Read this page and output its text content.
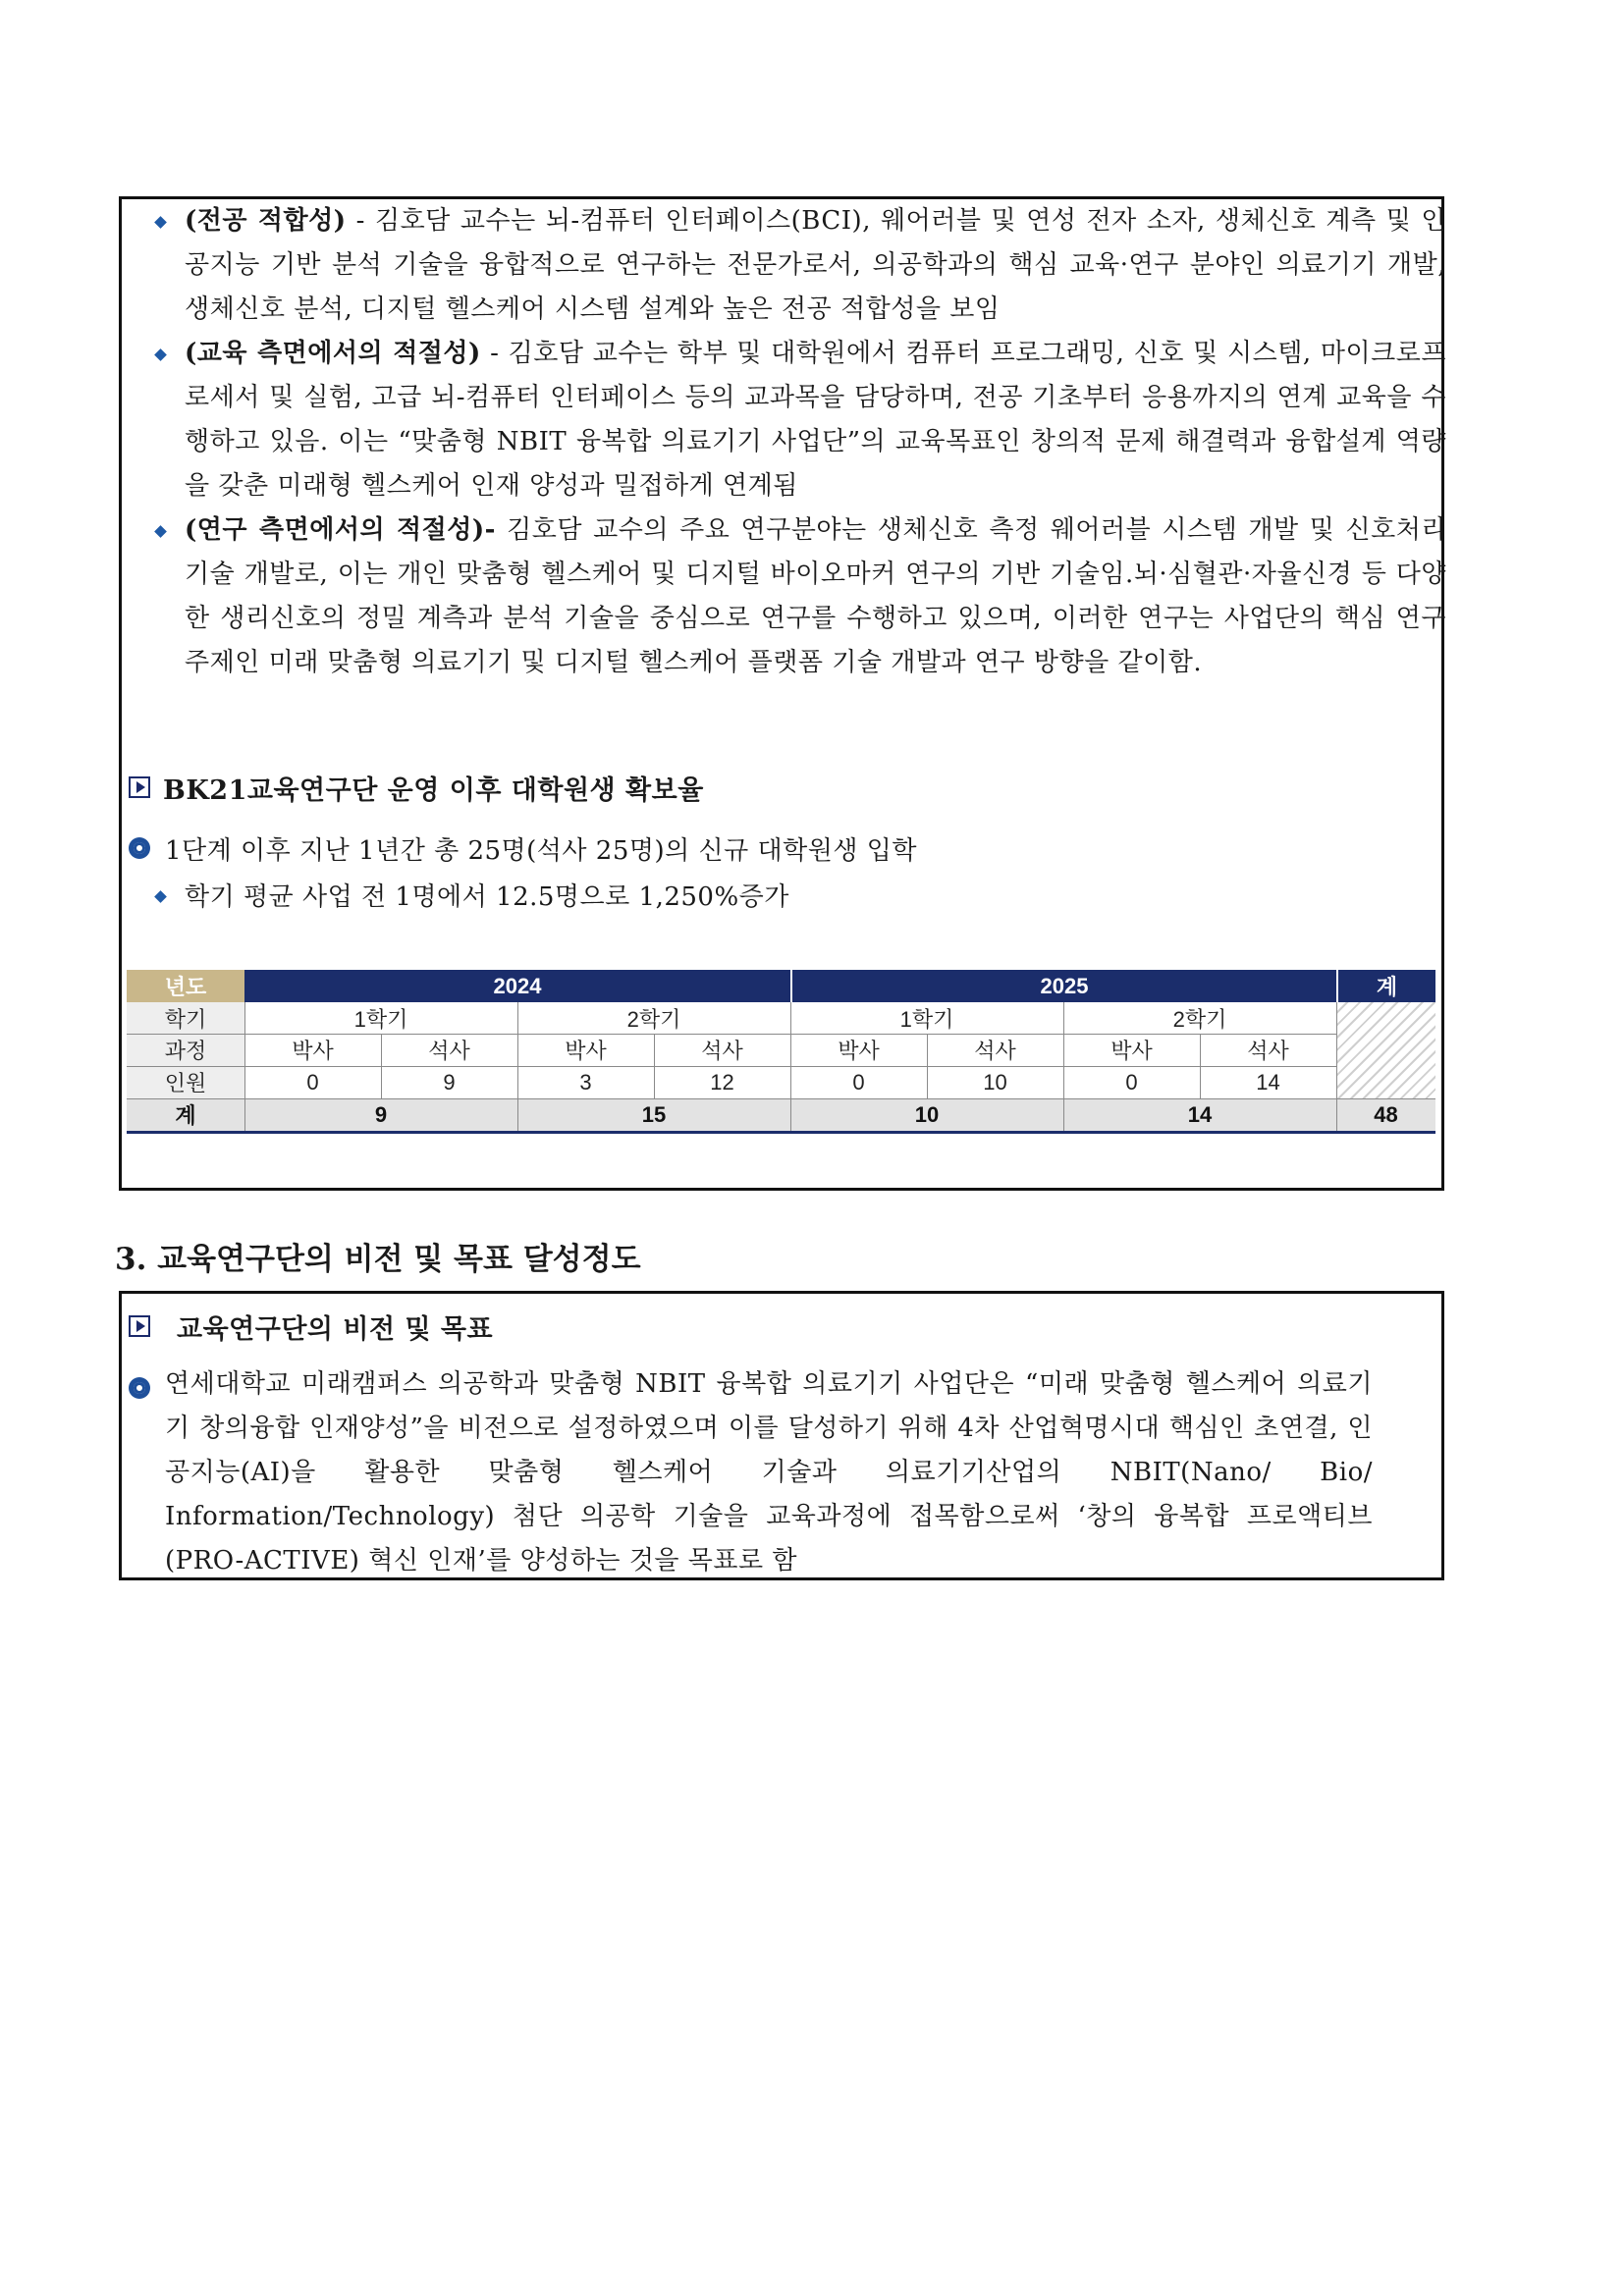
(전공 적합성) - 김호담 교수는 뇌-컴퓨터 인터페이스(BCI), 웨어러블 및 연성 전자 소자, 생체신호 계측 및 인공지능 기반 분석 기술을 융합적으로 연구하는 전문가로서, 의공학과의 핵심 교육·연구 분야인 의료기기 개발, 생체신호 분석, 디지털 헬스케어 시스템 설계와 높은 전공 적합성을 보임
(교육 측면에서의 적절성) - 김호담 교수는 학부 및 대학원에서 컴퓨터 프로그래밍, 신호 및 시스템, 마이크로프로세서 및 실험, 고급 뇌-컴퓨터 인터페이스 등의 교과목을 담당하며, 전공 기초부터 응용까지의 연계 교육을 수행하고 있음. 이는 “맞춤형 NBIT 융복합 의료기기 사업단”의 교육목표인 창의적 문제 해결력과 융합설계 역량을 갖춘 미래형 헬스케어 인재 양성과 밀접하게 연계됨
(연구 측면에서의 적절성)- 김호담 교수의 주요 연구분야는 생체신호 측정 웨어러블 시스템 개발 및 신호처리 기술 개발로, 이는 개인 맞춤형 헬스케어 및 디지털 바이오마커 연구의 기반 기술임.뇌·심혈관·자율신경 등 다양한 생리신호의 정밀 계측과 분석 기술을 중심으로 연구를 수행하고 있으며, 이러한 연구는 사업단의 핵심 연구 주제인 미래 맞춤형 의료기기 및 디지털 헬스케어 플랫폼 기술 개발과 연구 방향을 같이함.
BK21교육연구단 운영 이후 대학원생 확보율
1단계 이후 지난 1년간 총 25명(석사 25명)의 신규 대학원생 입학
학기 평균 사업 전 1명에서 12.5명으로 1,250%증가
년도	2024	2025	계
학기	1학기	2학기	1학기	2학기
과정	박사	석사	박사	석사	박사	석사	박사	석사
인원	0	9	3	12	0	10	0	14
계	9	15	10	14	48
3. 교육연구단의 비전 및 목표 달성정도
교육연구단의 비전 및 목표
연세대학교 미래캠퍼스 의공학과 맞춤형 NBIT 융복합 의료기기 사업단은 “미래 맞춤형 헬스케어 의료기기 창의융합 인재양성”을 비전으로 설정하였으며 이를 달성하기 위해 4차 산업혁명시대 핵심인 초연결, 인공지능(AI)을 활용한 맞춤형 헬스케어 기술과 의료기기산업의 NBIT(Nano/ Bio/ Information/Technology) 첨단 의공학 기술을 교육과정에 접목함으로써 ‘창의 융복합 프로액티브(PRO-ACTIVE) 혁신 인재’를 양성하는 것을 목표로 함
